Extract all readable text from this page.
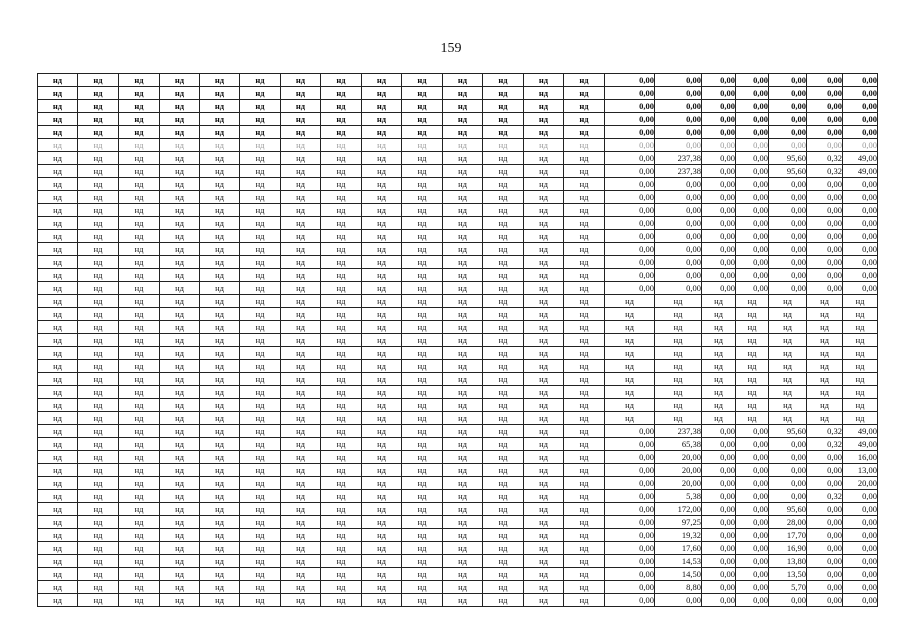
159
нд	нд	нд	нд	нд	нд	нд	нд	нд	нд	нд	нд	нд	нд	0,00	0,00	0,00	0,00	0,00	0,00	0,00
нд	нд	нд	нд	нд	нд	нд	нд	нд	нд	нд	нд	нд	нд	0,00	0,00	0,00	0,00	0,00	0,00	0,00
нд	нд	нд	нд	нд	нд	нд	нд	нд	нд	нд	нд	нд	нд	0,00	0,00	0,00	0,00	0,00	0,00	0,00
нд	нд	нд	нд	нд	нд	нд	нд	нд	нд	нд	нд	нд	нд	0,00	0,00	0,00	0,00	0,00	0,00	0,00
нд	нд	нд	нд	нд	нд	нд	нд	нд	нд	нд	нд	нд	нд	0,00	0,00	0,00	0,00	0,00	0,00	0,00
нд	нд	нд	нд	нд	нд	нд	нд	нд	нд	нд	нд	нд	нд	0,00	0,00	0,00	0,00	0,00	0,00	0,00
нд	нд	нд	нд	нд	нд	нд	нд	нд	нд	нд	нд	нд	нд	0,00	237,38	0,00	0,00	95,60	0,32	49,00
нд	нд	нд	нд	нд	нд	нд	нд	нд	нд	нд	нд	нд	нд	0,00	237,38	0,00	0,00	95,60	0,32	49,00
нд	нд	нд	нд	нд	нд	нд	нд	нд	нд	нд	нд	нд	нд	0,00	0,00	0,00	0,00	0,00	0,00	0,00
нд	нд	нд	нд	нд	нд	нд	нд	нд	нд	нд	нд	нд	нд	0,00	0,00	0,00	0,00	0,00	0,00	0,00
нд	нд	нд	нд	нд	нд	нд	нд	нд	нд	нд	нд	нд	нд	0,00	0,00	0,00	0,00	0,00	0,00	0,00
нд	нд	нд	нд	нд	нд	нд	нд	нд	нд	нд	нд	нд	нд	0,00	0,00	0,00	0,00	0,00	0,00	0,00
нд	нд	нд	нд	нд	нд	нд	нд	нд	нд	нд	нд	нд	нд	0,00	0,00	0,00	0,00	0,00	0,00	0,00
нд	нд	нд	нд	нд	нд	нд	нд	нд	нд	нд	нд	нд	нд	0,00	0,00	0,00	0,00	0,00	0,00	0,00
нд	нд	нд	нд	нд	нд	нд	нд	нд	нд	нд	нд	нд	нд	0,00	0,00	0,00	0,00	0,00	0,00	0,00
нд	нд	нд	нд	нд	нд	нд	нд	нд	нд	нд	нд	нд	нд	0,00	0,00	0,00	0,00	0,00	0,00	0,00
нд	нд	нд	нд	нд	нд	нд	нд	нд	нд	нд	нд	нд	нд	0,00	0,00	0,00	0,00	0,00	0,00	0,00
нд	нд	нд	нд	нд	нд	нд	нд	нд	нд	нд	нд	нд	нд	нд	нд	нд	нд	нд	нд	нд
нд	нд	нд	нд	нд	нд	нд	нд	нд	нд	нд	нд	нд	нд	нд	нд	нд	нд	нд	нд	нд
нд	нд	нд	нд	нд	нд	нд	нд	нд	нд	нд	нд	нд	нд	нд	нд	нд	нд	нд	нд	нд
нд	нд	нд	нд	нд	нд	нд	нд	нд	нд	нд	нд	нд	нд	нд	нд	нд	нд	нд	нд	нд
нд	нд	нд	нд	нд	нд	нд	нд	нд	нд	нд	нд	нд	нд	нд	нд	нд	нд	нд	нд	нд
нд	нд	нд	нд	нд	нд	нд	нд	нд	нд	нд	нд	нд	нд	нд	нд	нд	нд	нд	нд	нд
нд	нд	нд	нд	нд	нд	нд	нд	нд	нд	нд	нд	нд	нд	нд	нд	нд	нд	нд	нд	нд
нд	нд	нд	нд	нд	нд	нд	нд	нд	нд	нд	нд	нд	нд	нд	нд	нд	нд	нд	нд	нд
нд	нд	нд	нд	нд	нд	нд	нд	нд	нд	нд	нд	нд	нд	нд	нд	нд	нд	нд	нд	нд
нд	нд	нд	нд	нд	нд	нд	нд	нд	нд	нд	нд	нд	нд	нд	нд	нд	нд	нд	нд	нд
нд	нд	нд	нд	нд	нд	нд	нд	нд	нд	нд	нд	нд	нд	0,00	237,38	0,00	0,00	95,60	0,32	49,00
нд	нд	нд	нд	нд	нд	нд	нд	нд	нд	нд	нд	нд	нд	0,00	65,38	0,00	0,00	0,00	0,32	49,00
нд	нд	нд	нд	нд	нд	нд	нд	нд	нд	нд	нд	нд	нд	0,00	20,00	0,00	0,00	0,00	0,00	16,00
нд	нд	нд	нд	нд	нд	нд	нд	нд	нд	нд	нд	нд	нд	0,00	20,00	0,00	0,00	0,00	0,00	13,00
нд	нд	нд	нд	нд	нд	нд	нд	нд	нд	нд	нд	нд	нд	0,00	20,00	0,00	0,00	0,00	0,00	20,00
нд	нд	нд	нд	нд	нд	нд	нд	нд	нд	нд	нд	нд	нд	0,00	5,38	0,00	0,00	0,00	0,32	0,00
нд	нд	нд	нд	нд	нд	нд	нд	нд	нд	нд	нд	нд	нд	0,00	172,00	0,00	0,00	95,60	0,00	0,00
нд	нд	нд	нд	нд	нд	нд	нд	нд	нд	нд	нд	нд	нд	0,00	97,25	0,00	0,00	28,00	0,00	0,00
нд	нд	нд	нд	нд	нд	нд	нд	нд	нд	нд	нд	нд	нд	0,00	19,32	0,00	0,00	17,70	0,00	0,00
нд	нд	нд	нд	нд	нд	нд	нд	нд	нд	нд	нд	нд	нд	0,00	17,60	0,00	0,00	16,90	0,00	0,00
нд	нд	нд	нд	нд	нд	нд	нд	нд	нд	нд	нд	нд	нд	0,00	14,53	0,00	0,00	13,80	0,00	0,00
нд	нд	нд	нд	нд	нд	нд	нд	нд	нд	нд	нд	нд	нд	0,00	14,50	0,00	0,00	13,50	0,00	0,00
нд	нд	нд	нд	нд	нд	нд	нд	нд	нд	нд	нд	нд	нд	0,00	8,80	0,00	0,00	5,70	0,00	0,00
нд	нд	нд	нд	нд	нд	нд	нд	нд	нд	нд	нд	нд	нд	0,00	0,00	0,00	0,00	0,00	0,00	0,00
